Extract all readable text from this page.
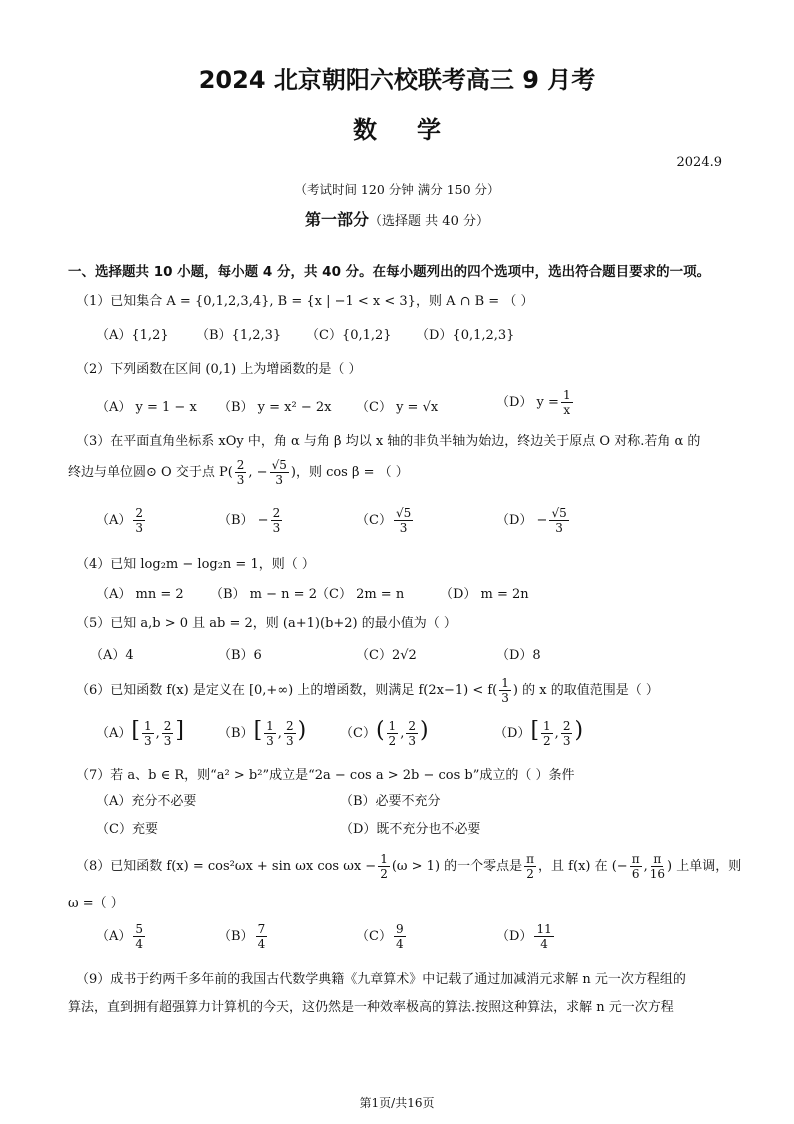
2024 北京朝阳六校联考高三 9 月考
数学
2024.9
（考试时间 120 分钟 满分 150 分）
第一部分（选择题 共 40 分）
一、选择题共 10 小题，每小题 4 分，共 40 分。在每小题列出的四个选项中，选出符合题目要求的一项。
（1）已知集合 A = {0,1,2,3,4}, B = {x | −1 < x < 3}，则 A ∩ B = （ ）
（A）{1,2} （B）{1,2,3} （C）{0,1,2} （D）{0,1,2,3}
（2）下列函数在区间 (0,1) 上为增函数的是（ ）
（A） y = 1 − x （B） y = x² − 2x （C） y = √x	（D） $y = \frac{1}{x}$
（3）在平面直角坐标系 xOy 中，角 α 与角 β 均以 x 轴的非负半轴为始边，终边关于原点 O 对称.若角 α 的
终边与单位圆⊙ O 交于点 $P( \frac{2}{3}$ , − $\frac{√5}{3}$ )，则 cos β = （ ）
$(A) \frac{2}{3}$	$(B) - \frac{2}{3}$	$(C) \frac{√5}{3}$	$(D) - \frac{√5}{3}$
（4）已知 log₂m − log₂n = 1，则（ ）
（A） mn = 2 （B） m − n = 2 （C） 2m = n	（D） m = 2n
（5）已知 a,b > 0 且 ab = 2，则 (a+1)(b+2) 的最小值为（ ）
（A）4	（B）6	（C）2√2	（D）8
（6）已知函数 f(x) 是定义在 [0,+∞) 上的增函数，则满足 $f(2x-1) < f( \frac{1}{3}$ ) 的 x 的取值范围是（ ）
$(A)[ \frac{1}{3}$ , $\frac{2}{3}$ ]	$(B)[ \frac{1}{3}$ , $\frac{2}{3}$ )	$(C)( \frac{1}{2}$ , $\frac{2}{3}$ )	$(D)[ \frac{1}{2}$ , $\frac{2}{3}$ )
（7）若 a、b ∈ R，则“a² > b²”成立是“2a − cos a > 2b − cos b”成立的（ ）条件
（A）充分不必要	（B）必要不充分
（C）充要	（D）既不充分也不必要
（8）已知函数 f(x) = cos²ωx + sin ωx $\cos \omega x - \frac{1}{2} (\omega > 1)$ 的一个零点是 $\frac{\pi}{2}$ ，且 f(x) 在 (− $\frac{\pi}{6}$ , $\frac{\pi}{16}$ ) 上单调，则
ω =（ ）
$(A) \frac{5}{4}$	$(B) \frac{7}{4}$	$(C) \frac{9}{4}$	$(D) \frac{11}{4}$
（9）成书于约两千多年前的我国古代数学典籍《九章算术》中记载了通过加减消元求解 n 元一次方程组的
算法，直到拥有超强算力计算机的今天，这仍然是一种效率极高的算法.按照这种算法，求解 n 元一次方程
第1页/共16页
